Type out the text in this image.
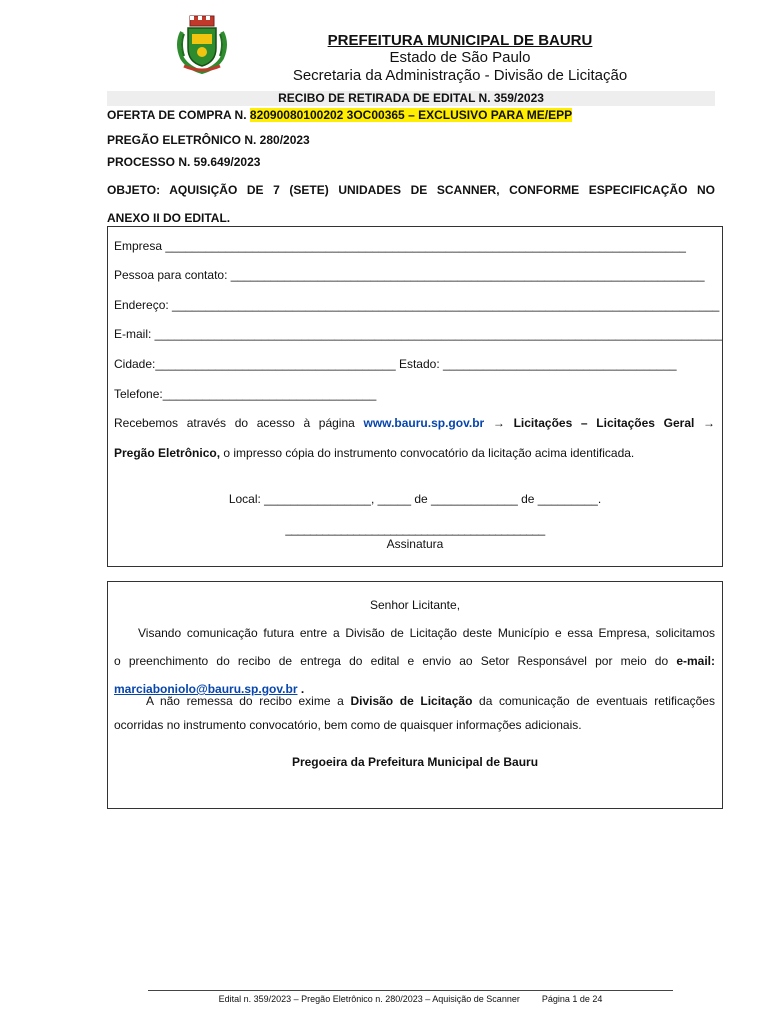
PREFEITURA MUNICIPAL DE BAURU
Estado de São Paulo
Secretaria da Administração - Divisão de Licitação
RECIBO DE RETIRADA DE EDITAL N. 359/2023
OFERTA DE COMPRA N. 82090080100202 3OC00365 – EXCLUSIVO PARA ME/EPP
PREGÃO ELETRÔNICO N. 280/2023
PROCESSO N. 59.649/2023
OBJETO: AQUISIÇÃO DE 7 (SETE) UNIDADES DE SCANNER, CONFORME ESPECIFICAÇÃO NO
ANEXO II DO EDITAL.
Empresa ______________________________________________________________________________
Pessoa para contato: _______________________________________________________________________
Endereço: __________________________________________________________________________________
E-mail: _____________________________________________________________________________________
Cidade:____________________________________ Estado: ___________________________________
Telefone:________________________________
Recebemos através do acesso à página www.bauru.sp.gov.br → Licitações – Licitações Geral →
Pregão Eletrônico, o impresso cópia do instrumento convocatório da licitação acima identificada.
Local: ________________, _____ de _____________ de _________.
__________________________________________
Assinatura
Senhor Licitante,
Visando comunicação futura entre a Divisão de Licitação deste Município e essa Empresa, solicitamos
o preenchimento do recibo de entrega do edital e envio ao Setor Responsável por meio do e-mail:
marciaboniolo@bauru.sp.gov.br .
A não remessa do recibo exime a Divisão de Licitação da comunicação de eventuais retificações
ocorridas no instrumento convocatório, bem como de quaisquer informações adicionais.
Pregoeira da Prefeitura Municipal de Bauru
Edital n. 359/2023 – Pregão Eletrônico n. 280/2023 – Aquisição de Scanner Página 1 de 24
